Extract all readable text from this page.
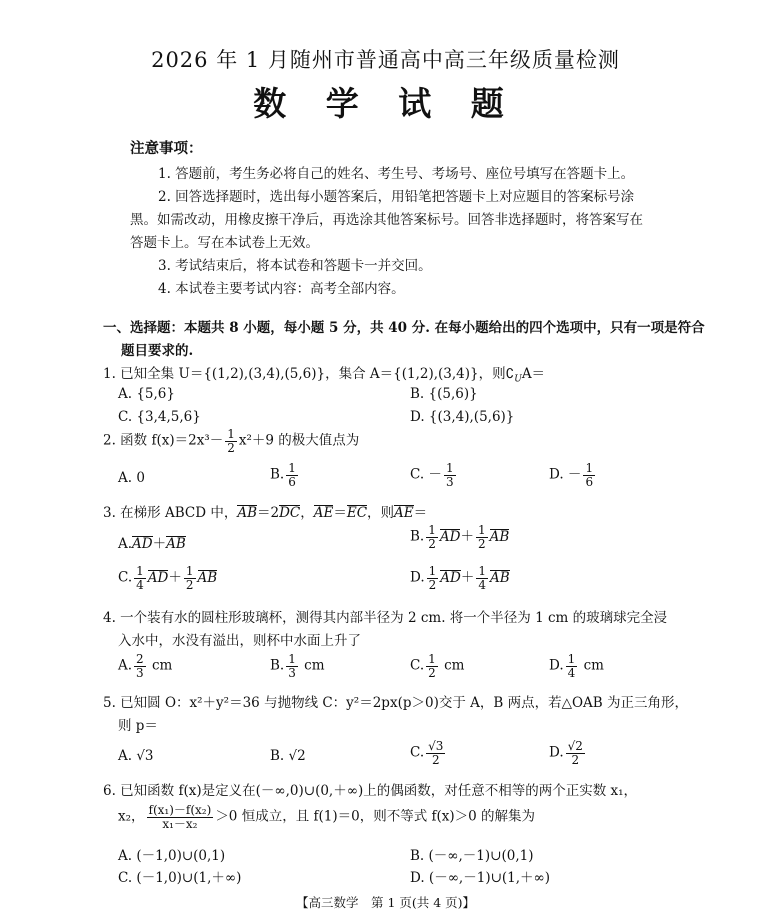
2026 年 1 月随州市普通高中高三年级质量检测
数 学 试 题
注意事项：
1. 答题前，考生务必将自己的姓名、考生号、考场号、座位号填写在答题卡上。
2. 回答选择题时，选出每小题答案后，用铅笔把答题卡上对应题目的答案标号涂
黑。如需改动，用橡皮擦干净后，再选涂其他答案标号。回答非选择题时，将答案写在
答题卡上。写在本试卷上无效。
3. 考试结束后，将本试卷和答题卡一并交回。
4. 本试卷主要考试内容：高考全部内容。
一、选择题：本题共 8 小题，每小题 5 分，共 40 分. 在每小题给出的四个选项中，只有一项是符合
题目要求的.
1. 已知全集 U＝{(1,2),(3,4),(5,6)}，集合 A＝{(1,2),(3,4)}，则$∁_UA=$
A. {5,6}	B. {(5,6)}
C. {3,4,5,6}	D. {(3,4),(5,6)}
2. 函数 $f(x)=2x^3- \frac{1}{2} x^2+9$ 的极大值点为
A. 0	B. $\frac{1}{6}$	C. － $\frac{1}{3}$	D. － $\frac{1}{6}$
3. 在梯形 ABCD 中，AB＝2DC，AE＝EC，则AE＝
A.AD＋AB	B. $\frac{1}{2} AD+ \frac{1}{2}$ AB
C. $\frac{1}{4} AD+ \frac{1}{2}$ AB	D. $\frac{1}{2} AD+ \frac{1}{4}$ AB
4. 一个装有水的圆柱形玻璃杯，测得其内部半径为 2 cm. 将一个半径为 1 cm 的玻璃球完全浸
入水中，水没有溢出，则杯中水面上升了
A. $\frac{2}{3}$ cm	B. $\frac{1}{3}$ cm	C. $\frac{1}{2}$ cm	D. $\frac{1}{4}$ cm
5. 已知圆 O：x²＋y²＝36 与抛物线 C：y²＝2px(p＞0)交于 A，B 两点，若△OAB 为正三角形，
则 p＝
A. √3	B. √2	C. $\frac{√3}{2}$	D. $\frac{√2}{2}$
6. 已知函数 f(x)是定义在(－∞,0)∪(0,＋∞)上的偶函数，对任意不相等的两个正实数 x₁，
x₂， $\frac{\text{f(x₁)－f(x₂)}}{\text{x₁－x₂}} >0$ 恒成立，且 f(1)＝0，则不等式 f(x)＞0 的解集为
A. (－1,0)∪(0,1)	B. (－∞,－1)∪(0,1)
C. (－1,0)∪(1,＋∞)	D. (－∞,－1)∪(1,＋∞)
【高三数学　第 1 页(共 4 页)】
